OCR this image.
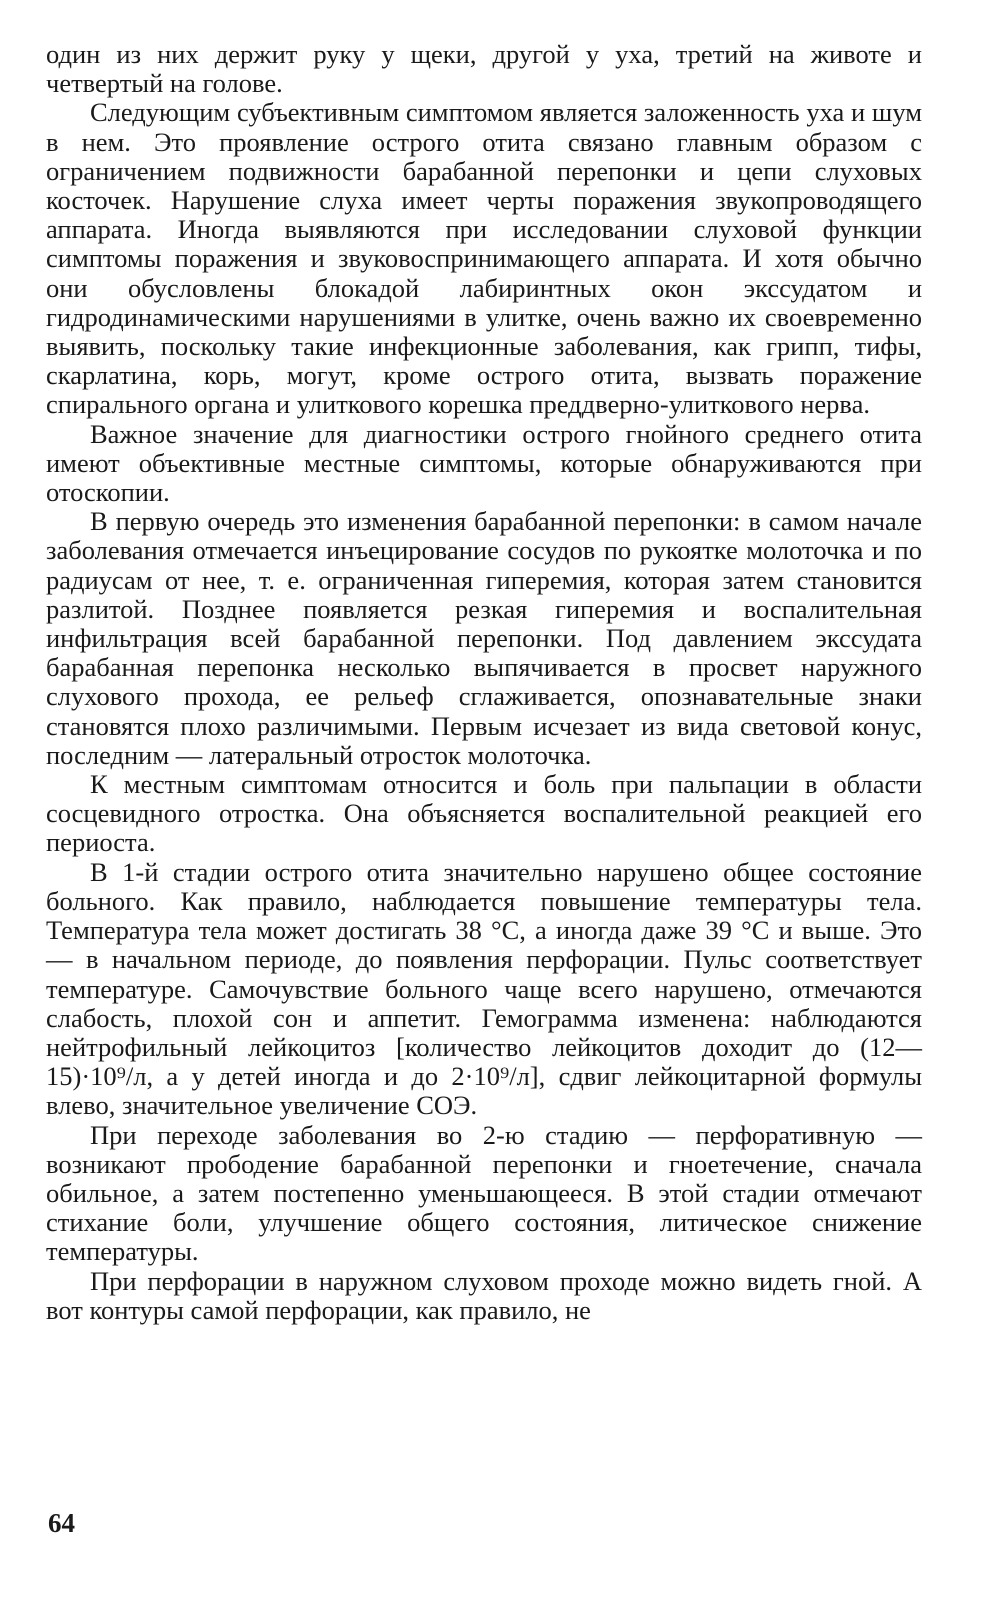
один из них держит руку у щеки, другой у уха, третий на животе и четвертый на голове.

Следующим субъективным симптомом является заложенность уха и шум в нем. Это проявление острого отита связано главным образом с ограничением подвижности барабанной перепонки и цепи слуховых косточек. Нарушение слуха имеет черты поражения звукопроводящего аппарата. Иногда выявляются при исследовании слуховой функции симптомы поражения и звуковоспринимающего аппарата. И хотя обычно они обусловлены блокадой лабиринтных окон экссудатом и гидродинамическими нарушениями в улитке, очень важно их своевременно выявить, поскольку такие инфекционные заболевания, как грипп, тифы, скарлатина, корь, могут, кроме острого отита, вызвать поражение спирального органа и улиткового корешка преддверно-улиткового нерва.

Важное значение для диагностики острого гнойного среднего отита имеют объективные местные симптомы, которые обнаруживаются при отоскопии.

В первую очередь это изменения барабанной перепонки: в самом начале заболевания отмечается инъецирование сосудов по рукоятке молоточка и по радиусам от нее, т. е. ограниченная гиперемия, которая затем становится разлитой. Позднее появляется резкая гиперемия и воспалительная инфильтрация всей барабанной перепонки. Под давлением экссудата барабанная перепонка несколько выпячивается в просвет наружного слухового прохода, ее рельеф сглаживается, опознавательные знаки становятся плохо различимыми. Первым исчезает из вида световой конус, последним — латеральный отросток молоточка.

К местным симптомам относится и боль при пальпации в области сосцевидного отростка. Она объясняется воспалительной реакцией его периоста.

В 1-й стадии острого отита значительно нарушено общее состояние больного. Как правило, наблюдается повышение температуры тела. Температура тела может достигать 38 °С, а иногда даже 39 °С и выше. Это — в начальном периоде, до появления перфорации. Пульс соответствует температуре. Самочувствие больного чаще всего нарушено, отмечаются слабость, плохой сон и аппетит. Гемограмма изменена: наблюдаются нейтрофильный лейкоцитоз [количество лейкоцитов доходит до (12—15)·10⁹/л, а у детей иногда и до 2·10⁹/л], сдвиг лейкоцитарной формулы влево, значительное увеличение СОЭ.

При переходе заболевания во 2-ю стадию — перфоративную — возникают прободение барабанной перепонки и гноетечение, сначала обильное, а затем постепенно уменьшающееся. В этой стадии отмечают стихание боли, улучшение общего состояния, литическое снижение температуры.

При перфорации в наружном слуховом проходе можно видеть гной. А вот контуры самой перфорации, как правило, не

64
